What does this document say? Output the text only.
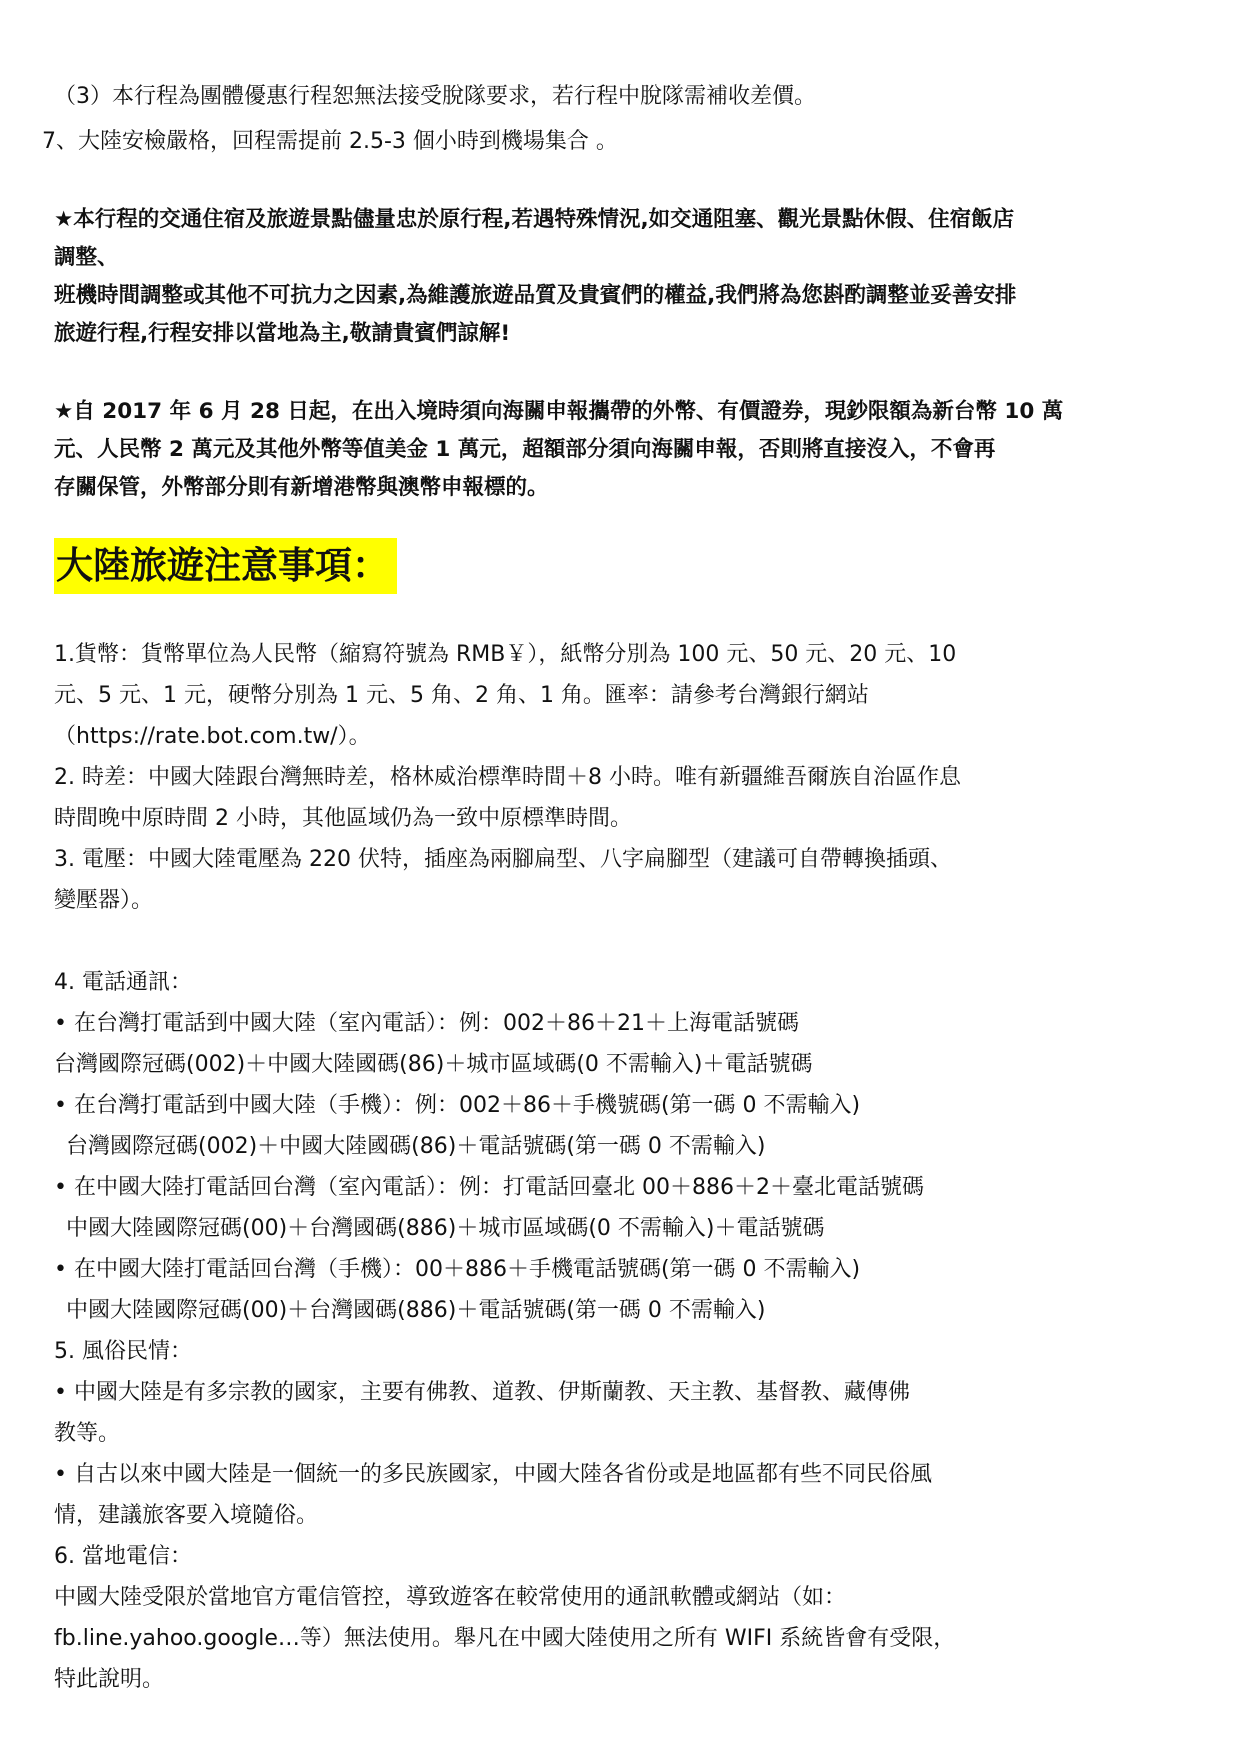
（3）本行程為團體優惠行程恕無法接受脫隊要求，若行程中脫隊需補收差價。
7、大陸安檢嚴格，回程需提前 2.5-3 個小時到機場集合 。
★本行程的交通住宿及旅遊景點儘量忠於原行程,若遇特殊情況,如交通阻塞、觀光景點休假、住宿飯店
調整、
班機時間調整或其他不可抗力之因素,為維護旅遊品質及貴賓們的權益,我們將為您斟酌調整並妥善安排
旅遊行程,行程安排以當地為主,敬請貴賓們諒解!
★自 2017 年 6 月 28 日起，在出入境時須向海關申報攜帶的外幣、有價證券，現鈔限額為新台幣 10 萬
元、人民幣 2 萬元及其他外幣等值美金 1 萬元，超額部分須向海關申報，否則將直接沒入，不會再
存關保管，外幣部分則有新增港幣與澳幣申報標的。
大陸旅遊注意事項：
1.貨幣：貨幣單位為人民幣（縮寫符號為 RMB￥），紙幣分別為 100 元、50 元、20 元、10
元、5 元、1 元，硬幣分別為 1 元、5 角、2 角、1 角。匯率：請參考台灣銀行網站
（https://rate.bot.com.tw/）。
2. 時差：中國大陸跟台灣無時差，格林威治標準時間＋8 小時。唯有新疆維吾爾族自治區作息
時間晚中原時間 2 小時，其他區域仍為一致中原標準時間。
3. 電壓：中國大陸電壓為 220 伏特，插座為兩腳扁型、八字扁腳型（建議可自帶轉換插頭、
變壓器）。
4. 電話通訊：
• 在台灣打電話到中國大陸（室內電話）：例：002＋86＋21＋上海電話號碼
台灣國際冠碼(002)＋中國大陸國碼(86)＋城市區域碼(0 不需輸入)＋電話號碼
• 在台灣打電話到中國大陸（手機）：例：002＋86＋手機號碼(第一碼 0 不需輸入)
台灣國際冠碼(002)＋中國大陸國碼(86)＋電話號碼(第一碼 0 不需輸入)
• 在中國大陸打電話回台灣（室內電話）：例：打電話回臺北 00＋886＋2＋臺北電話號碼
中國大陸國際冠碼(00)＋台灣國碼(886)＋城市區域碼(0 不需輸入)＋電話號碼
• 在中國大陸打電話回台灣（手機）：00＋886＋手機電話號碼(第一碼 0 不需輸入)
中國大陸國際冠碼(00)＋台灣國碼(886)＋電話號碼(第一碼 0 不需輸入)
5. 風俗民情：
• 中國大陸是有多宗教的國家，主要有佛教、道教、伊斯蘭教、天主教、基督教、藏傳佛
教等。
• 自古以來中國大陸是一個統一的多民族國家，中國大陸各省份或是地區都有些不同民俗風
情，建議旅客要入境隨俗。
6. 當地電信：
中國大陸受限於當地官方電信管控，導致遊客在較常使用的通訊軟體或網站（如：
fb.line.yahoo.google…等）無法使用。舉凡在中國大陸使用之所有 WIFI 系統皆會有受限，
特此說明。
